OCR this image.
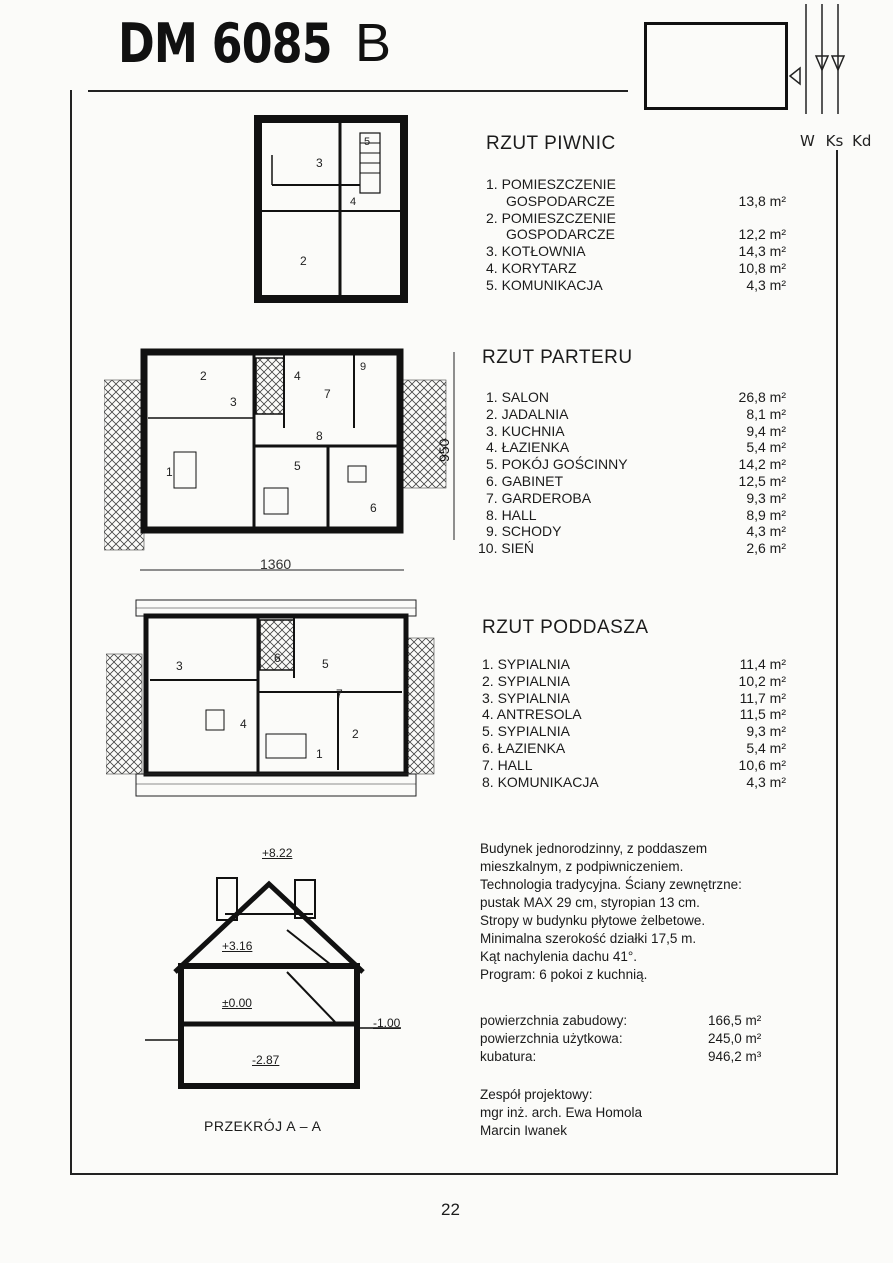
DM 6085 B
W Ks Kd
3
2
5
4
RZUT PIWNIC
1. POMIESZCZENIE
GOSPODARCZE	13,8 m²
2. POMIESZCZENIE
GOSPODARCZE	12,2 m²
3. KOTŁOWNIA	14,3 m²
4. KORYTARZ	10,8 m²
5. KOMUNIKACJA	4,3 m²
4
2
3
7
8
5
6
9
1
1360
950
RZUT PARTERU
1. SALON	26,8 m²
2. JADALNIA	8,1 m²
3. KUCHNIA	9,4 m²
4. ŁAZIENKA	5,4 m²
5. POKÓJ GOŚCINNY	14,2 m²
6. GABINET	12,5 m²
7. GARDEROBA	9,3 m²
8. HALL	8,9 m²
9. SCHODY	4,3 m²
10. SIEŃ	2,6 m²
3
4
6	5
7
1
2
RZUT PODDASZA
1. SYPIALNIA	11,4 m²
2. SYPIALNIA	10,2 m²
3. SYPIALNIA	11,7 m²
4. ANTRESOLA	11,5 m²
5. SYPIALNIA	9,3 m²
6. ŁAZIENKA	5,4 m²
7. HALL	10,6 m²
8. KOMUNIKACJA	4,3 m²
+8.22
+3.16
±0.00
-1.00
-2.87
PRZEKRÓJ A – A
Budynek jednorodzinny, z poddaszem
mieszkalnym, z podpiwniczeniem.
Technologia tradycyjna. Ściany zewnętrzne:
pustak MAX 29 cm, styropian 13 cm.
Stropy w budynku płytowe żelbetowe.
Minimalna szerokość działki 17,5 m.
Kąt nachylenia dachu 41°.
Program: 6 pokoi z kuchnią.
powierzchnia zabudowy:	166,5 m²
powierzchnia użytkowa:	245,0 m²
kubatura:	946,2 m³
Zespół projektowy:
mgr inż. arch. Ewa Homola
Marcin Iwanek
22
